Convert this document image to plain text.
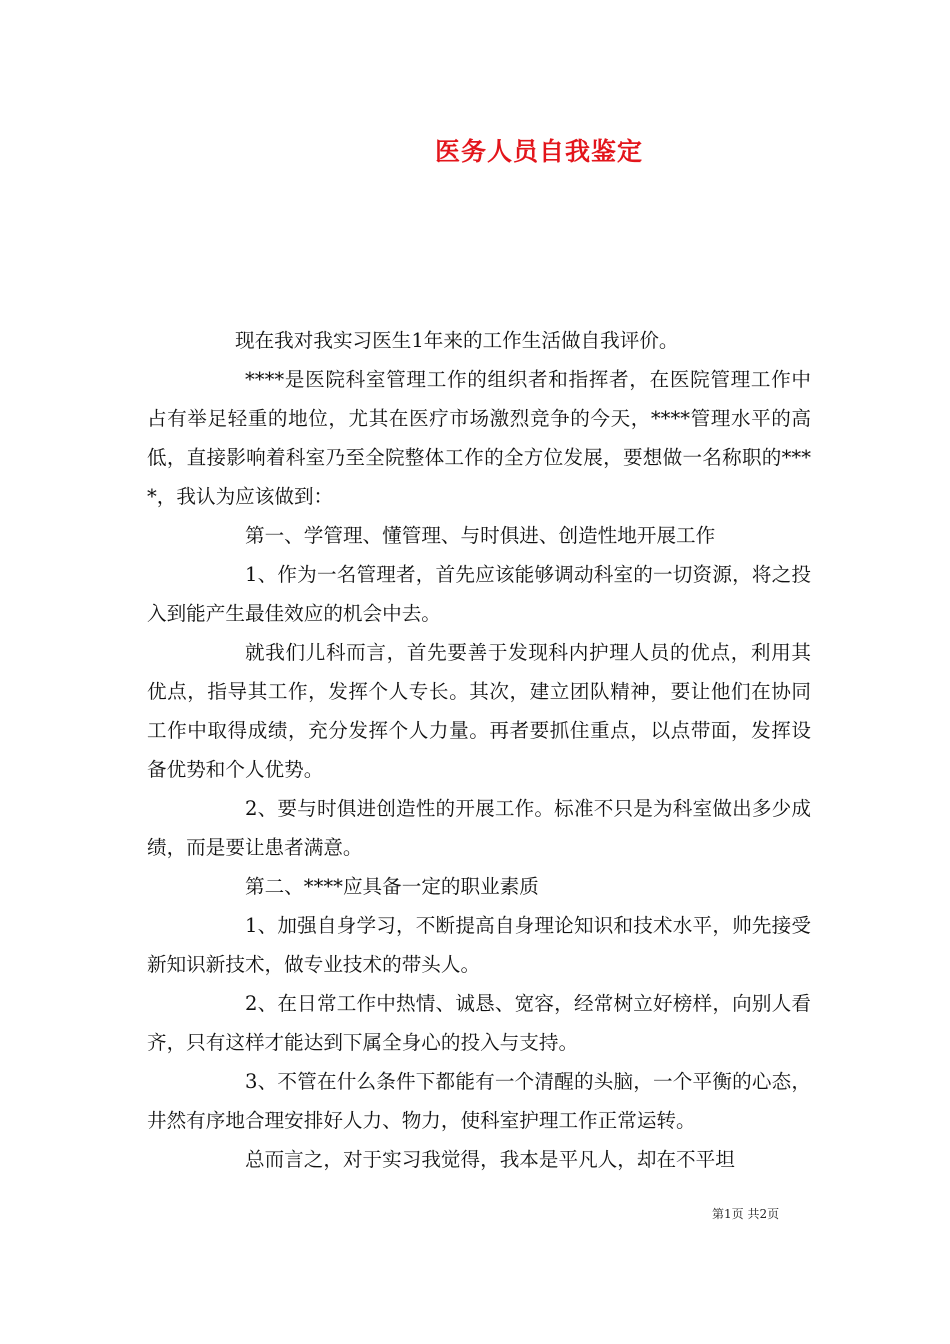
医务人员自我鉴定

现在我对我实习医生1年来的工作生活做自我评价。

****是医院科室管理工作的组织者和指挥者，在医院管理工作中占有举足轻重的地位，尤其在医疗市场激烈竞争的今天，****管理水平的高低，直接影响着科室乃至全院整体工作的全方位发展，要想做一名称职的****，我认为应该做到：

第一、学管理、懂管理、与时俱进、创造性地开展工作

1、作为一名管理者，首先应该能够调动科室的一切资源，将之投入到能产生最佳效应的机会中去。

就我们儿科而言，首先要善于发现科内护理人员的优点，利用其优点，指导其工作，发挥个人专长。其次，建立团队精神，要让他们在协同工作中取得成绩，充分发挥个人力量。再者要抓住重点，以点带面，发挥设备优势和个人优势。

2、要与时俱进创造性的开展工作。标准不只是为科室做出多少成绩，而是要让患者满意。

第二、****应具备一定的职业素质

1、加强自身学习，不断提高自身理论知识和技术水平，帅先接受新知识新技术，做专业技术的带头人。

2、在日常工作中热情、诚恳、宽容，经常树立好榜样，向别人看齐，只有这样才能达到下属全身心的投入与支持。

3、不管在什么条件下都能有一个清醒的头脑，一个平衡的心态，井然有序地合理安排好人力、物力，使科室护理工作正常运转。

总而言之，对于实习我觉得，我本是平凡人，却在不平坦

第1页 共2页
